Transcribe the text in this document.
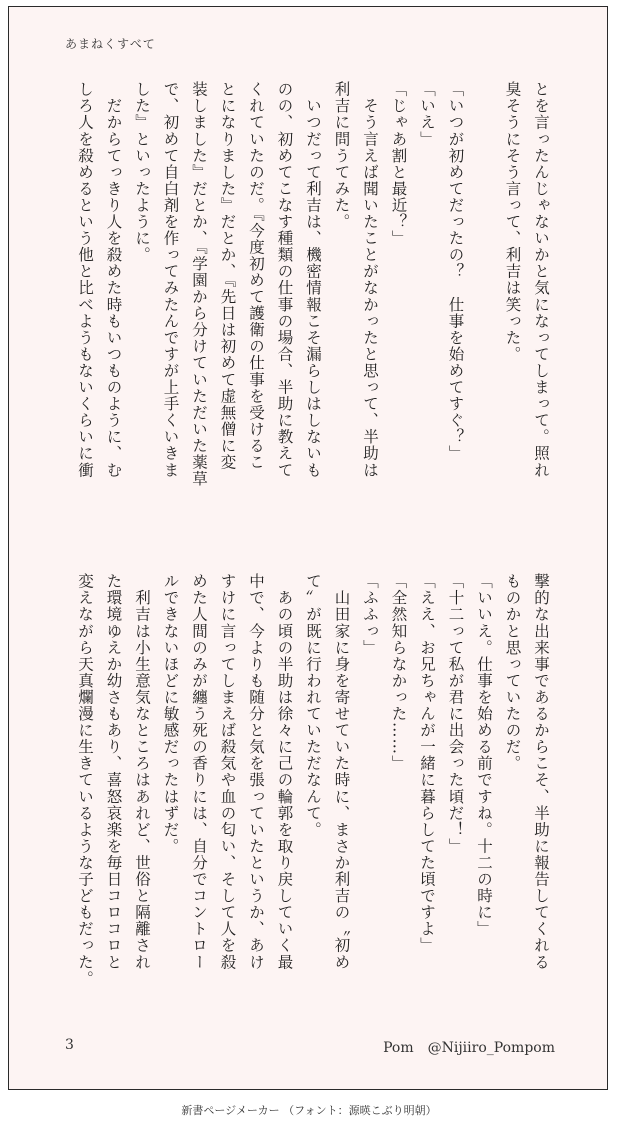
あまねくすべて

とを言ったんじゃないかと気になってしまって。照れ

臭そうにそう言って、利吉は笑った。

「いつが初めてだったの？　仕事を始めてすぐ？」

「いえ」

「じゃあ割と最近？」

　そう言えば聞いたことがなかったと思って、半助は

利吉に問うてみた。

　いつだって利吉は、機密情報こそ漏らしはしないも

のの、初めてこなす種類の仕事の場合、半助に教えて

くれていたのだ。『今度初めて護衛の仕事を受けるこ

とになりました』だとか、『先日は初めて虚無僧に変

装しました』だとか、『学園から分けていただいた薬草

で、初めて自白剤を作ってみたんですが上手くいきま

した』といったように。

　だからてっきり人を殺めた時もいつものように、む

しろ人を殺めるという他と比べようもないくらいに衝

撃的な出来事であるからこそ、半助に報告してくれる

ものかと思っていたのだ。

「いいえ。仕事を始める前ですね。十二の時に」

「十二って私が君に出会った頃だ！」

「ええ、お兄ちゃんが一緒に暮らしてた頃ですよ」

「全然知らなかった……」

「ふふっ」

　山田家に身を寄せていた時に、まさか利吉の〝初め

て〟が既に行われていただなんて。

　あの頃の半助は徐々に己の輪郭を取り戻していく最

中で、今よりも随分と気を張っていたというか、あけ

すけに言ってしまえば殺気や血の匂い、そして人を殺

めた人間のみが纏う死の香りには、自分でコントロー

ルできないほどに敏感だったはずだ。

　利吉は小生意気なところはあれど、世俗と隔離され

た環境ゆえか幼さもあり、喜怒哀楽を毎日コロコロと

変えながら天真爛漫に生きているような子どもだった。

3	Pom　@Nijiiro_Pompom
新書ページメーカー （フォント：源暎こぶり明朝）
